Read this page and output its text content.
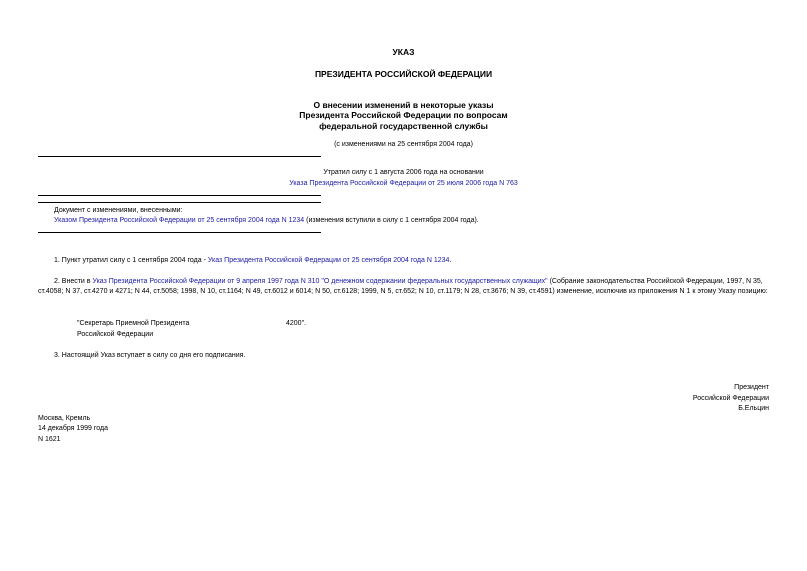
УКАЗ
ПРЕЗИДЕНТА РОССИЙСКОЙ ФЕДЕРАЦИИ
О внесении изменений в некоторые указы
Президента Российской Федерации по вопросам
федеральной государственной службы
(с изменениями на 25 сентября 2004 года)
Утратил силу с 1 августа 2006 года на основании
Указа Президента Российской Федерации от 25 июля 2006 года N 763
Документ с изменениями, внесенными:
Указом Президента Российской Федерации от 25 сентября 2004 года N 1234 (изменения вступили в силу с 1 сентября 2004 года).
1. Пункт утратил силу с 1 сентября 2004 года - Указ Президента Российской Федерации от 25 сентября 2004 года N 1234.
2. Внести в Указ Президента Российской Федерации от 9 апреля 1997 года N 310 "О денежном содержании федеральных государственных служащих" (Собрание законодательства Российской Федерации, 1997, N 35, ст.4058; N 37, ст.4270 и 4271; N 44, ст.5058; 1998, N 10, ст.1164; N 49, ст.6012 и 6014; N 50, ст.6128; 1999, N 5, ст.652; N 10, ст.1179; N 28, ст.3676; N 39, ст.4591) изменение, исключив из приложения N 1 к этому Указу позицию:
"Секретарь Приемной Президента
Российской Федерации
4200".
3. Настоящий Указ вступает в силу со дня его подписания.
Президент
Российской Федерации
Б.Ельцин
Москва, Кремль
14 декабря 1999 года
N 1621
